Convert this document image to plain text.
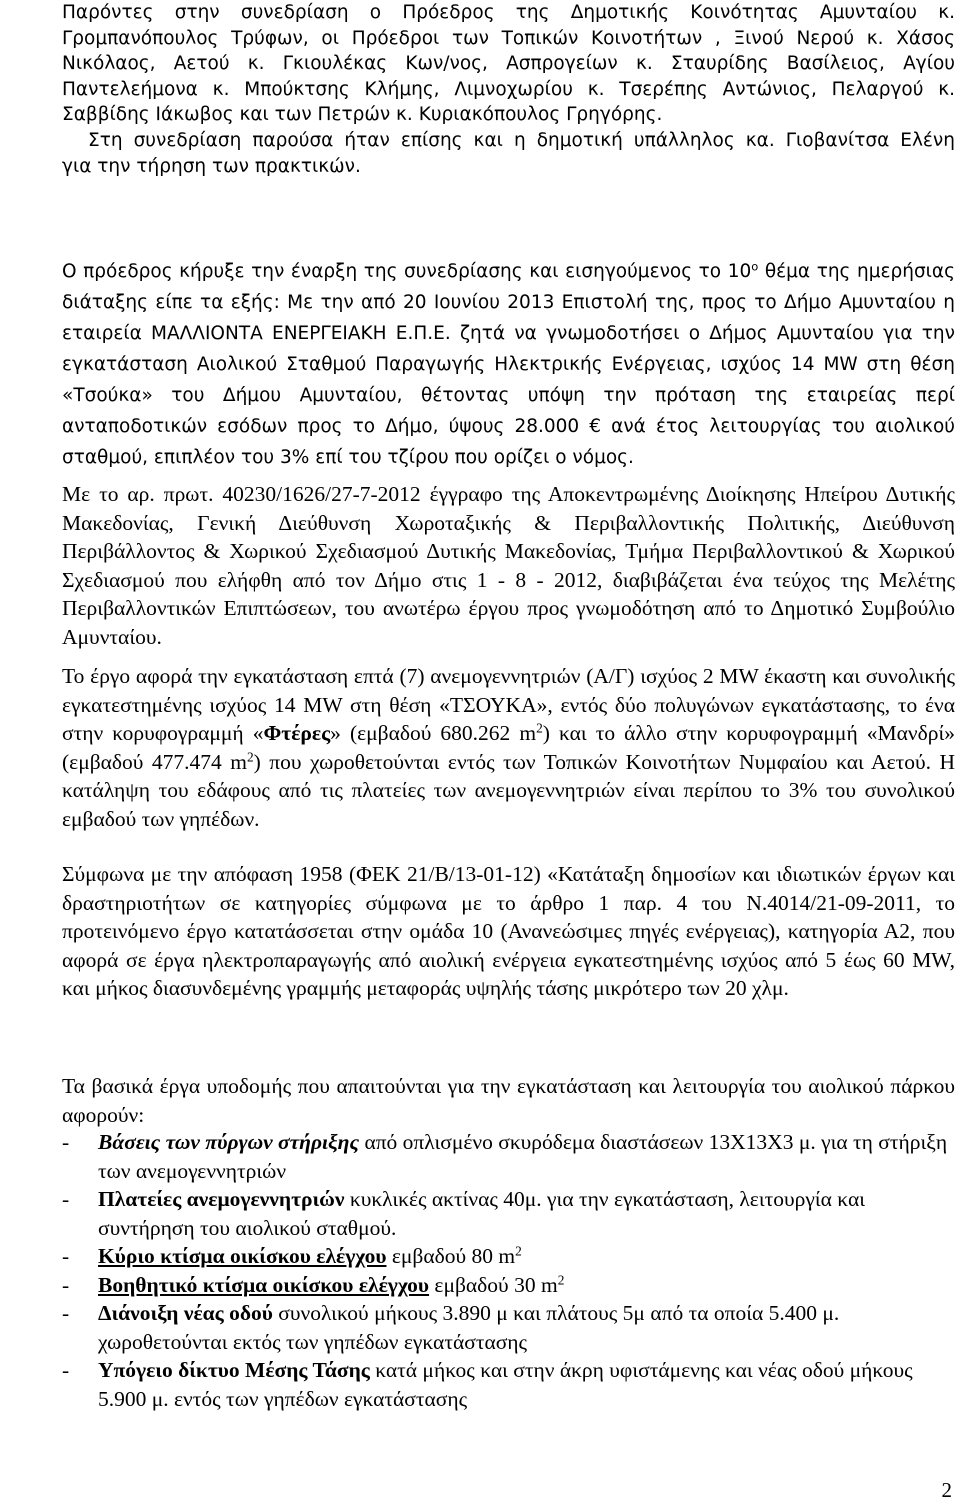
Παρόντες στην συνεδρίαση ο Πρόεδρος της Δημοτικής Κοινότητας Αμυνταίου κ.
Γρομπανόπουλος Τρύφων, οι Πρόεδροι των Τοπικών Κοινοτήτων , Ξινού Νερού κ. Χάσος
Νικόλαος, Αετού κ. Γκιουλέκας Κων/νος, Ασπρογείων κ. Σταυρίδης Βασίλειος, Αγίου
Παντελεήμονα κ. Μπούκτσης Κλήμης, Λιμνοχωρίου κ. Τσερέπης Αντώνιος, Πελαργού κ.
Σαββίδης Ιάκωβος και των Πετρών κ. Κυριακόπουλος Γρηγόρης.
Στη συνεδρίαση παρούσα ήταν επίσης και η δημοτική υπάλληλος κα. Γιοβανίτσα Ελένη
για την τήρηση των πρακτικών.

Ο πρόεδρος κήρυξε την έναρξη της συνεδρίασης και εισηγούμενος το $10^o$ θέμα της ημερήσιας διάταξης είπε τα εξής: Με την από 20 Ιουνίου 2013 Επιστολή της, προς το Δήμο Αμυνταίου η εταιρεία ΜΑΛΛΙΟΝΤΑ ΕΝΕΡΓΕΙΑΚΗ Ε.Π.Ε. ζητά να γνωμοδοτήσει ο Δήμος Αμυνταίου για την εγκατάσταση Αιολικού Σταθμού Παραγωγής Ηλεκτρικής Ενέργειας, ισχύος 14 MW στη θέση «Τσούκα» του Δήμου Αμυνταίου, θέτοντας υπόψη την πρόταση της εταιρείας περί ανταποδοτικών εσόδων προς το Δήμο, ύψους 28.000 € ανά έτος λειτουργίας του αιολικού σταθμού, επιπλέον του 3% επί του τζίρου που ορίζει ο νόμος.

Με το αρ. πρωτ. 40230/1626/27-7-2012 έγγραφο της Αποκεντρωμένης Διοίκησης Ηπείρου Δυτικής Μακεδονίας, Γενική Διεύθυνση Χωροταξικής & Περιβαλλοντικής Πολιτικής, Διεύθυνση Περιβάλλοντος & Χωρικού Σχεδιασμού Δυτικής Μακεδονίας, Τμήμα Περιβαλλοντικού & Χωρικού Σχεδιασμού που ελήφθη από τον Δήμο στις 1 - 8 - 2012, διαβιβάζεται ένα τεύχος της Μελέτης Περιβαλλοντικών Επιπτώσεων, του ανωτέρω έργου προς γνωμοδότηση από το Δημοτικό Συμβούλιο Αμυνταίου.

Το έργο αφορά την εγκατάσταση επτά (7) ανεμογεννητριών (Α/Γ) ισχύος 2 MW έκαστη και συνολικής εγκατεστημένης ισχύος 14 MW στη θέση «ΤΣΟΥΚΑ», εντός δύο πολυγώνων εγκατάστασης, το ένα στην κορυφογραμμή «Φτέρες» (εμβαδού 680.262 $m^2$) και το άλλο στην κορυφογραμμή «Μανδρί» (εμβαδού 477.474 $m^2$) που χωροθετούνται εντός των Τοπικών Κοινοτήτων Νυμφαίου και Αετού. Η κατάληψη του εδάφους από τις πλατείες των ανεμογεννητριών είναι περίπου το 3% του συνολικού εμβαδού των γηπέδων.

Σύμφωνα με την απόφαση 1958 (ΦΕΚ 21/Β/13-01-12) «Κατάταξη δημοσίων και ιδιωτικών έργων και δραστηριοτήτων σε κατηγορίες σύμφωνα με το άρθρο 1 παρ. 4 του Ν.4014/21-09-2011, το προτεινόμενο έργο κατατάσσεται στην ομάδα 10 (Ανανεώσιμες πηγές ενέργειας), κατηγορία Α2, που αφορά σε έργα ηλεκτροπαραγωγής από αιολική ενέργεια εγκατεστημένης ισχύος από 5 έως 60 MW, και μήκος διασυνδεμένης γραμμής μεταφοράς υψηλής τάσης μικρότερο των 20 χλμ.

Τα βασικά έργα υποδομής που απαιτούνται για την εγκατάσταση και λειτουργία του αιολικού πάρκου αφορούν:

- Βάσεις των πύργων στήριξης από οπλισμένο σκυρόδεμα διαστάσεων 13Χ13Χ3 μ. για τη στήριξη των ανεμογεννητριών
- Πλατείες ανεμογεννητριών κυκλικές ακτίνας 40μ. για την εγκατάσταση, λειτουργία και συντήρηση του αιολικού σταθμού.
- Κύριο κτίσμα οικίσκου ελέγχου εμβαδού 80 $m^2$
- Βοηθητικό κτίσμα οικίσκου ελέγχου εμβαδού 30 $m^2$
- Διάνοιξη νέας οδού συνολικού μήκους 3.890 μ και πλάτους 5μ από τα οποία 5.400 μ. χωροθετούνται εκτός των γηπέδων εγκατάστασης
- Υπόγειο δίκτυο Μέσης Τάσης κατά μήκος και στην άκρη υφιστάμενης και νέας οδού μήκους 5.900 μ. εντός των γηπέδων εγκατάστασης
2
